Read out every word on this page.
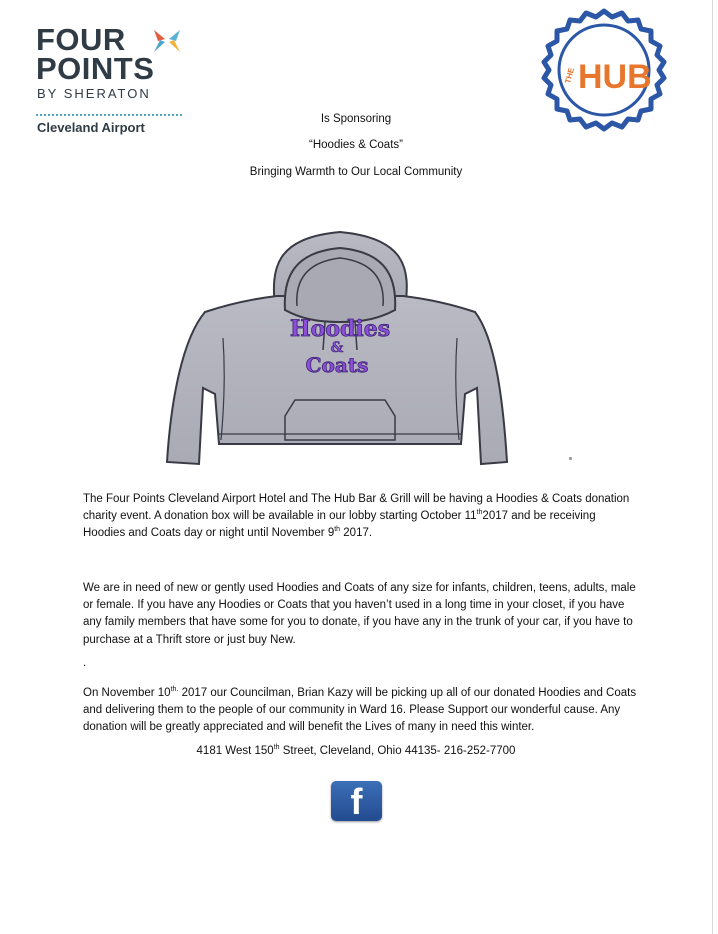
FOUR
POINTS
BY SHERATON
Cleveland Airport
THE HUB
Is Sponsoring
“Hoodies & Coats”
Bringing Warmth to Our Local Community
Hoodies
&
Coats
The Four Points Cleveland Airport Hotel and The Hub Bar & Grill will be having a Hoodies & Coats donation charity event. A donation box will be available in our lobby starting October 11th2017 and be receiving Hoodies and Coats day or night until November 9th 2017.
We are in need of new or gently used Hoodies and Coats of any size for infants, children, teens, adults, male or female. If you have any Hoodies or Coats that you haven’t used in a long time in your closet, if you have any family members that have some for you to donate, if you have any in the trunk of your car, if you have to purchase at a Thrift store or just buy New.
.
On November $10^{th.}$ 2017 our Councilman, Brian Kazy will be picking up all of our donated Hoodies and Coats and delivering them to the people of our community in Ward 16. Please Support our wonderful cause. Any donation will be greatly appreciated and will benefit the Lives of many in need this winter.
4181 West 150th Street, Cleveland, Ohio 44135- 216-252-7700
f
